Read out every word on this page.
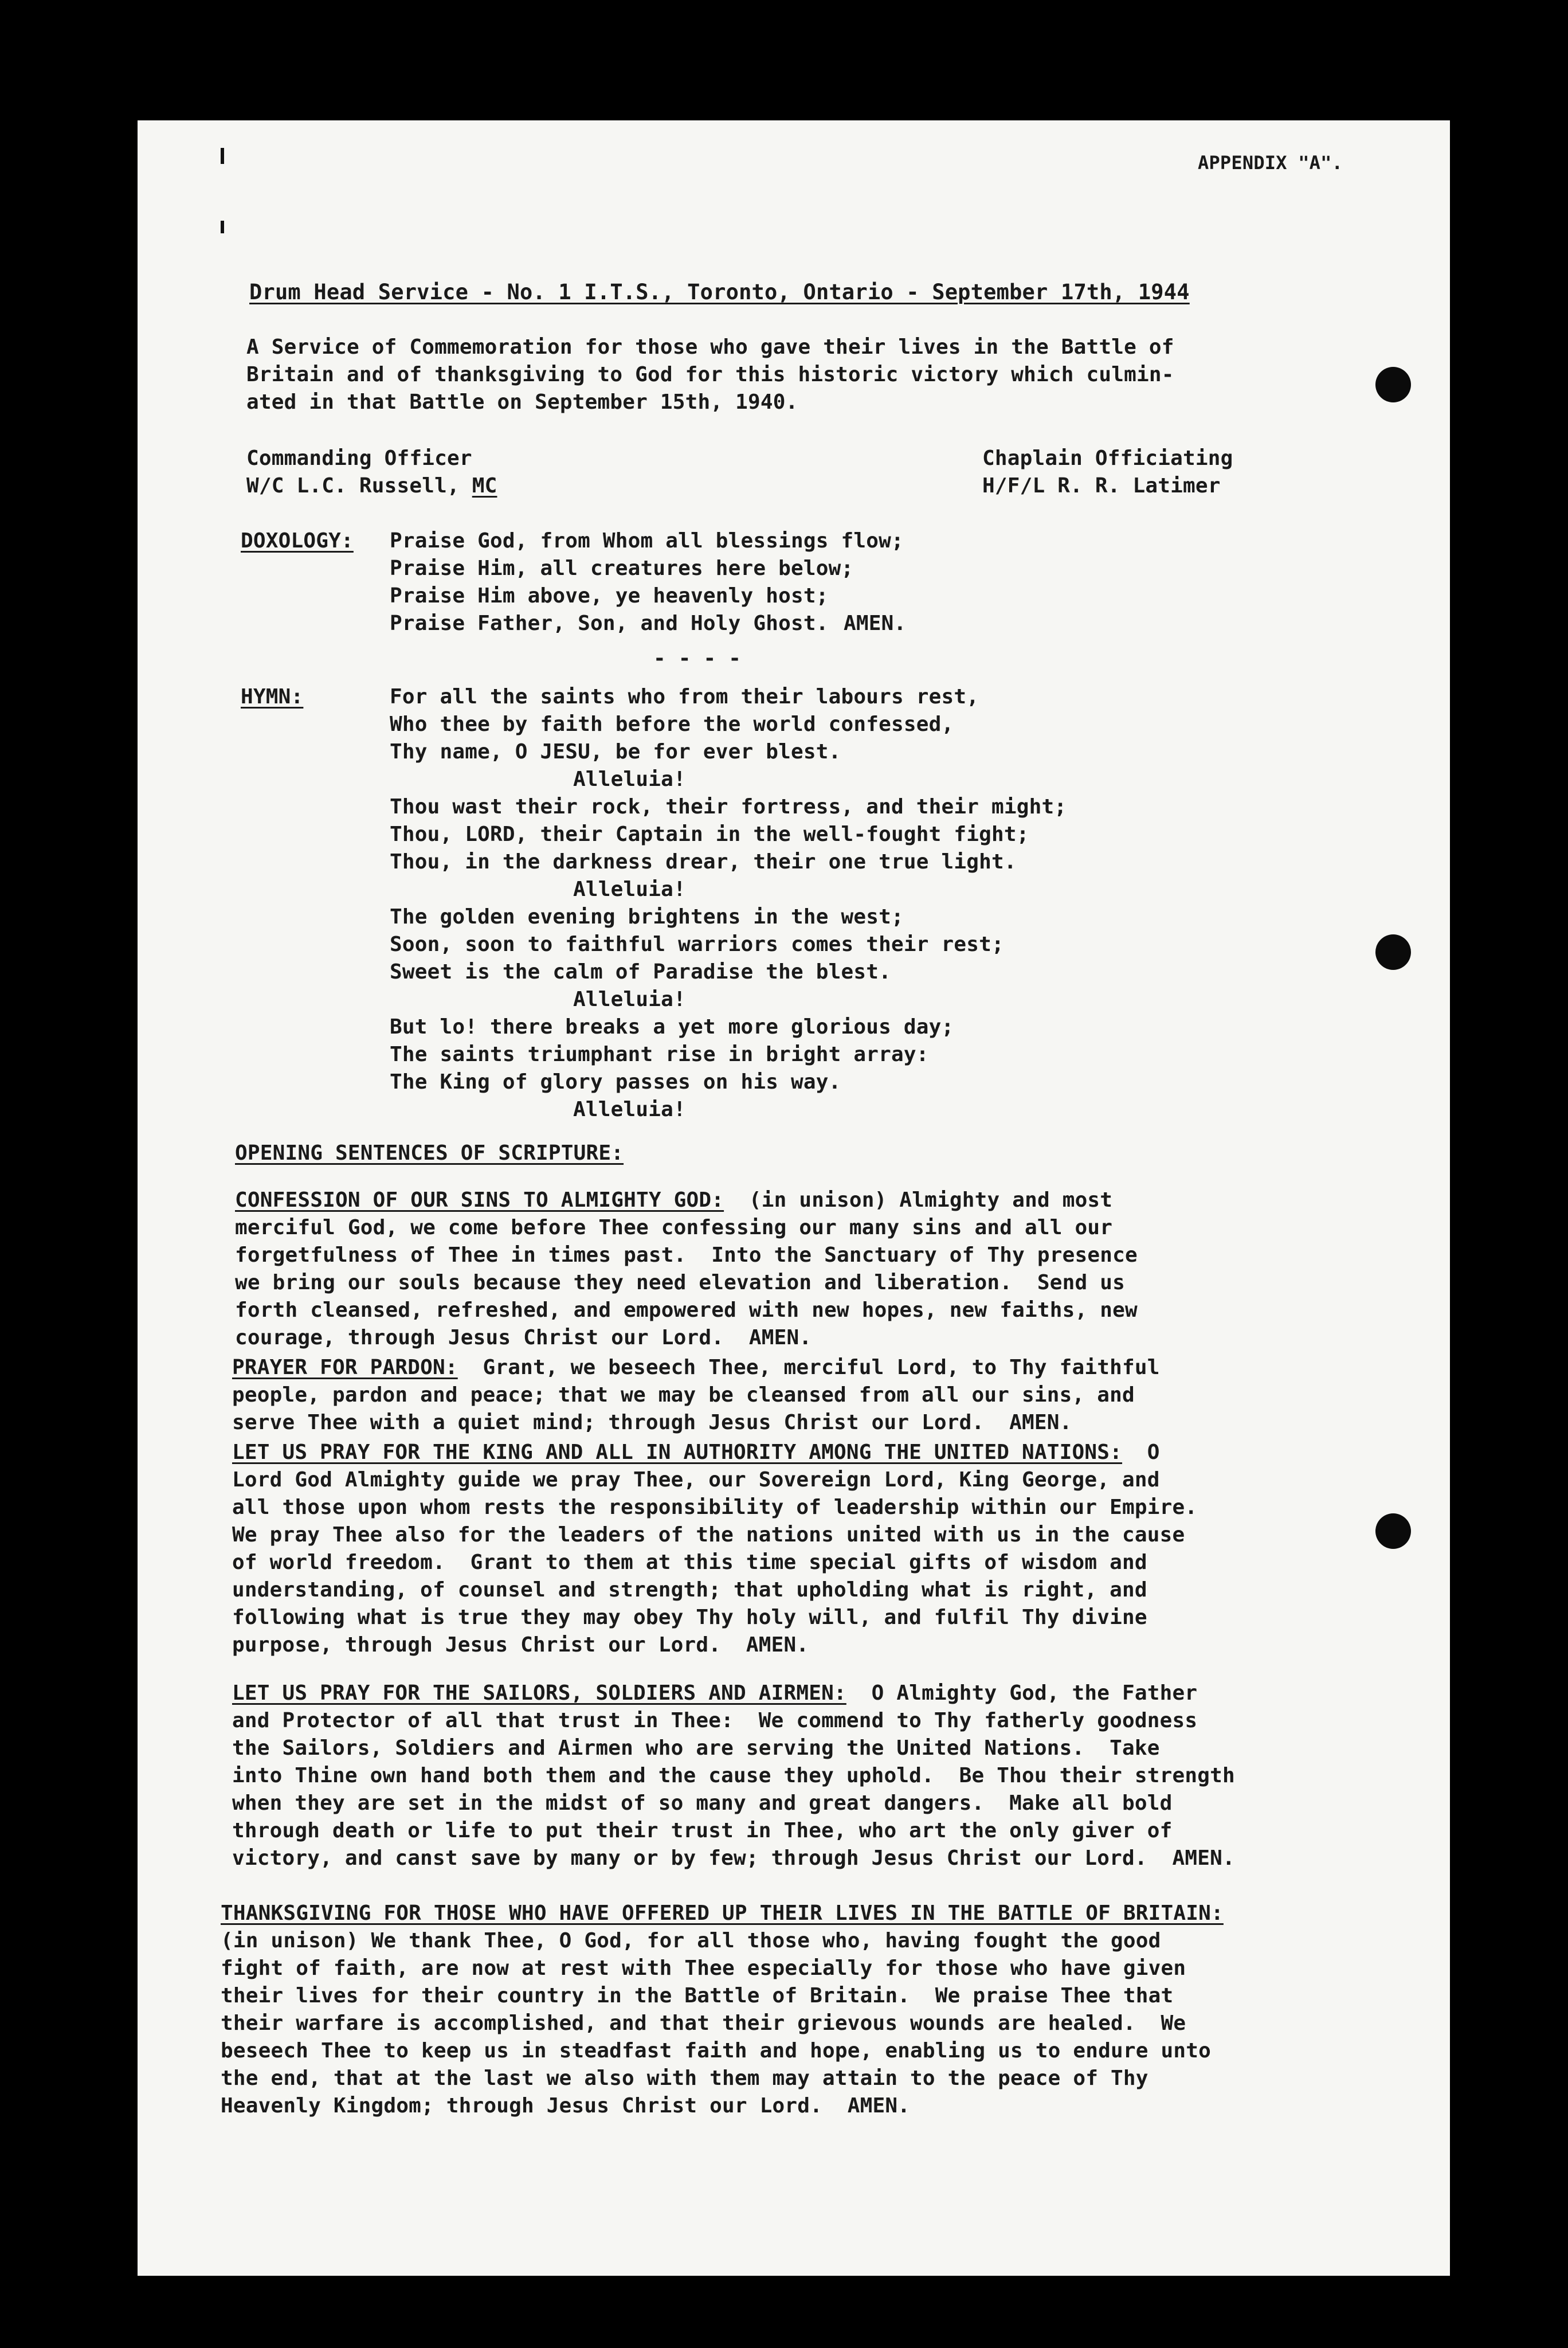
APPENDIX "A".
Drum Head Service - No. 1 I.T.S., Toronto, Ontario - September 17th, 1944
A Service of Commemoration for those who gave their lives in the Battle of
Britain and of thanksgiving to God for this historic victory which culmin-
ated in that Battle on September 15th, 1940.
Commanding Officer
W/C L.C. Russell, MC
Chaplain Officiating
H/F/L R. R. Latimer
DOXOLOGY: Praise God, from Whom all blessings flow;
Praise Him, all creatures here below;
Praise Him above, ye heavenly host;
Praise Father, Son, and Holy Ghost. AMEN.
- - - -
HYMN:	For all the saints who from their labours rest,
Who thee by faith before the world confessed,
Thy name, O JESU, be for ever blest.
Alleluia!
Thou wast their rock, their fortress, and their might;
Thou, LORD, their Captain in the well-fought fight;
Thou, in the darkness drear, their one true light.
Alleluia!
The golden evening brightens in the west;
Soon, soon to faithful warriors comes their rest;
Sweet is the calm of Paradise the blest.
Alleluia!
But lo! there breaks a yet more glorious day;
The saints triumphant rise in bright array:
The King of glory passes on his way.
Alleluia!
OPENING SENTENCES OF SCRIPTURE:
CONFESSION OF OUR SINS TO ALMIGHTY GOD: (in unison) Almighty and most
merciful God, we come before Thee confessing our many sins and all our
forgetfulness of Thee in times past.  Into the Sanctuary of Thy presence
we bring our souls because they need elevation and liberation.  Send us
forth cleansed, refreshed, and empowered with new hopes, new faiths, new
courage, through Jesus Christ our Lord.  AMEN.
PRAYER FOR PARDON: Grant, we beseech Thee, merciful Lord, to Thy faithful
people, pardon and peace; that we may be cleansed from all our sins, and
serve Thee with a quiet mind; through Jesus Christ our Lord.  AMEN.
LET US PRAY FOR THE KING AND ALL IN AUTHORITY AMONG THE UNITED NATIONS: O
Lord God Almighty guide we pray Thee, our Sovereign Lord, King George, and
all those upon whom rests the responsibility of leadership within our Empire.
We pray Thee also for the leaders of the nations united with us in the cause
of world freedom.  Grant to them at this time special gifts of wisdom and
understanding, of counsel and strength; that upholding what is right, and
following what is true they may obey Thy holy will, and fulfil Thy divine
purpose, through Jesus Christ our Lord.  AMEN.
LET US PRAY FOR THE SAILORS, SOLDIERS AND AIRMEN: O Almighty God, the Father
and Protector of all that trust in Thee:  We commend to Thy fatherly goodness
the Sailors, Soldiers and Airmen who are serving the United Nations.  Take
into Thine own hand both them and the cause they uphold.  Be Thou their strength
when they are set in the midst of so many and great dangers.  Make all bold
through death or life to put their trust in Thee, who art the only giver of
victory, and canst save by many or by few; through Jesus Christ our Lord.  AMEN.
THANKSGIVING FOR THOSE WHO HAVE OFFERED UP THEIR LIVES IN THE BATTLE OF BRITAIN:
(in unison) We thank Thee, O God, for all those who, having fought the good
fight of faith, are now at rest with Thee especially for those who have given
their lives for their country in the Battle of Britain.  We praise Thee that
their warfare is accomplished, and that their grievous wounds are healed.  We
beseech Thee to keep us in steadfast faith and hope, enabling us to endure unto
the end, that at the last we also with them may attain to the peace of Thy
Heavenly Kingdom; through Jesus Christ our Lord.  AMEN.
